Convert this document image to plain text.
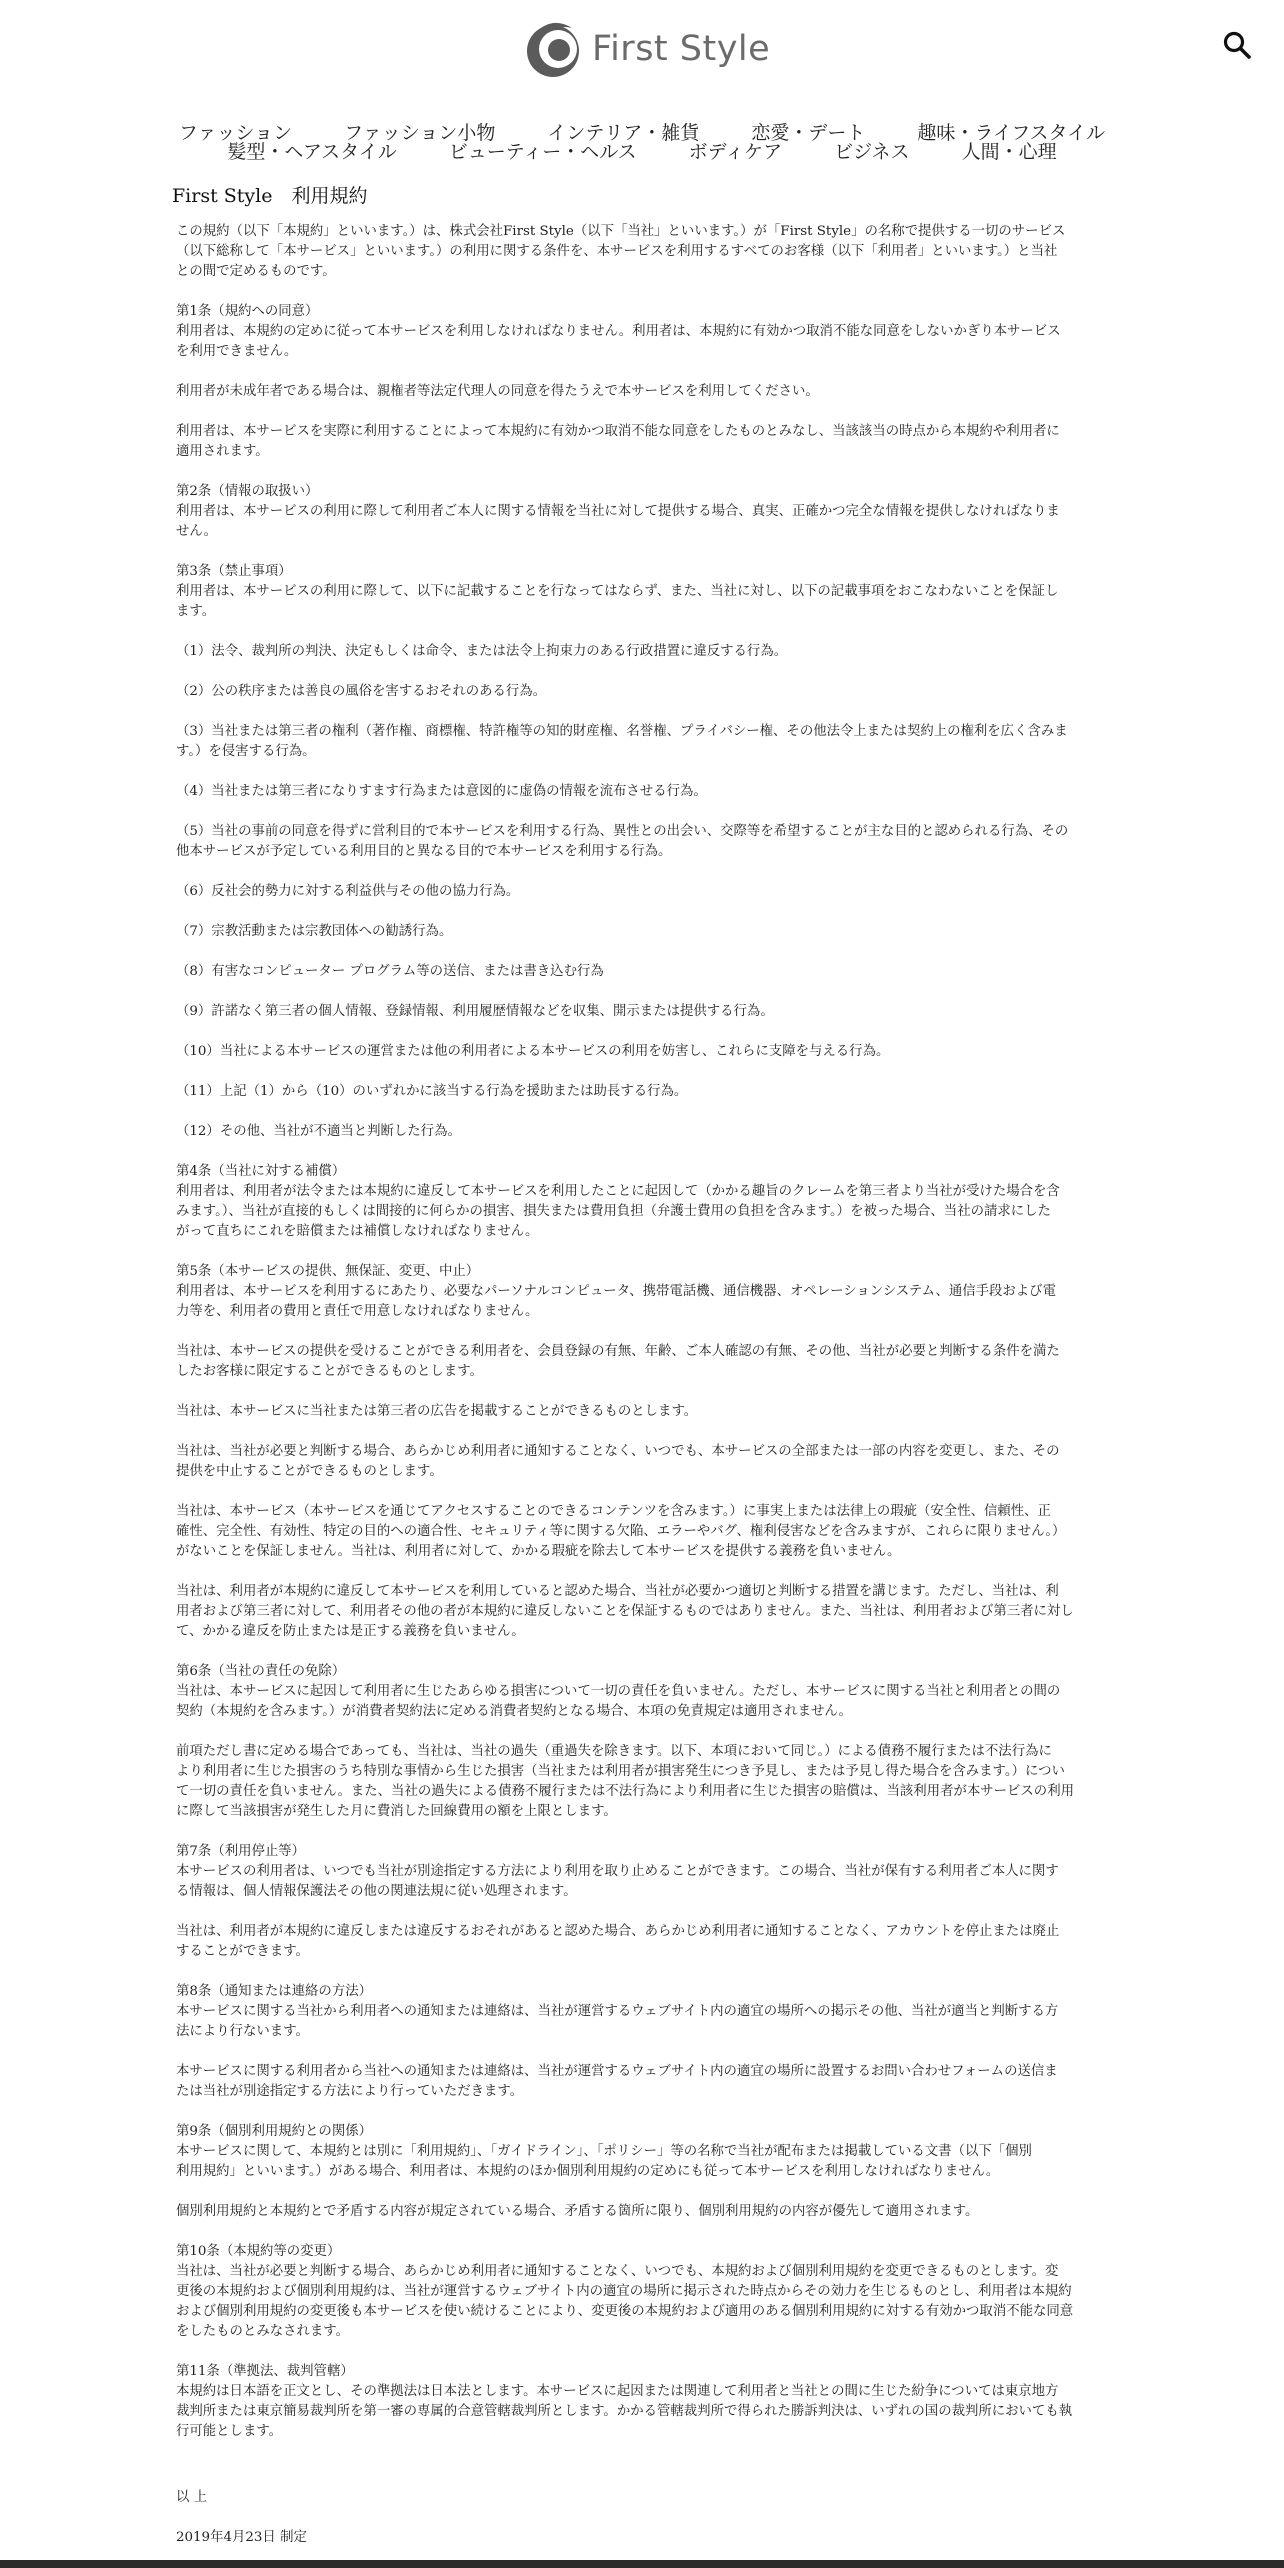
First Style
ファッション	ファッション小物	インテリア・雑貨	恋愛・デート	趣味・ライフスタイル
髪型・ヘアスタイル	ビューティー・ヘルス	ボディケア	ビジネス	人間・心理
First Style　利用規約

この規約（以下「本規約」といいます。）は、株式会社First Style（以下「当社」といいます。）が「First Style」の名称で提供する一切のサービス
（以下総称して「本サービス」といいます。）の利用に関する条件を、本サービスを利用するすべてのお客様（以下「利用者」といいます。）と当社
との間で定めるものです。

第1条（規約への同意）
利用者は、本規約の定めに従って本サービスを利用しなければなりません。利用者は、本規約に有効かつ取消不能な同意をしないかぎり本サービス
を利用できません。

利用者が未成年者である場合は、親権者等法定代理人の同意を得たうえで本サービスを利用してください。

利用者は、本サービスを実際に利用することによって本規約に有効かつ取消不能な同意をしたものとみなし、当該該当の時点から本規約や利用者に
適用されます。

第2条（情報の取扱い）
利用者は、本サービスの利用に際して利用者ご本人に関する情報を当社に対して提供する場合、真実、正確かつ完全な情報を提供しなければなりま
せん。

第3条（禁止事項）
利用者は、本サービスの利用に際して、以下に記載することを行なってはならず、また、当社に対し、以下の記載事項をおこなわないことを保証し
ます。

（1）法令、裁判所の判決、決定もしくは命令、または法令上拘束力のある行政措置に違反する行為。

（2）公の秩序または善良の風俗を害するおそれのある行為。

（3）当社または第三者の権利（著作権、商標権、特許権等の知的財産権、名誉権、プライバシー権、その他法令上または契約上の権利を広く含みま
す。）を侵害する行為。

（4）当社または第三者になりすます行為または意図的に虚偽の情報を流布させる行為。

（5）当社の事前の同意を得ずに営利目的で本サービスを利用する行為、異性との出会い、交際等を希望することが主な目的と認められる行為、その
他本サービスが予定している利用目的と異なる目的で本サービスを利用する行為。

（6）反社会的勢力に対する利益供与その他の協力行為。

（7）宗教活動または宗教団体への勧誘行為。

（8）有害なコンピューター プログラム等の送信、または書き込む行為

（9）許諾なく第三者の個人情報、登録情報、利用履歴情報などを収集、開示または提供する行為。

（10）当社による本サービスの運営または他の利用者による本サービスの利用を妨害し、これらに支障を与える行為。

（11）上記（1）から（10）のいずれかに該当する行為を援助または助長する行為。

（12）その他、当社が不適当と判断した行為。

第4条（当社に対する補償）
利用者は、利用者が法令または本規約に違反して本サービスを利用したことに起因して（かかる趣旨のクレームを第三者より当社が受けた場合を含
みます。）、当社が直接的もしくは間接的に何らかの損害、損失または費用負担（弁護士費用の負担を含みます。）を被った場合、当社の請求にした
がって直ちにこれを賠償または補償しなければなりません。

第5条（本サービスの提供、無保証、変更、中止）
利用者は、本サービスを利用するにあたり、必要なパーソナルコンピュータ、携帯電話機、通信機器、オペレーションシステム、通信手段および電
力等を、利用者の費用と責任で用意しなければなりません。

当社は、本サービスの提供を受けることができる利用者を、会員登録の有無、年齢、ご本人確認の有無、その他、当社が必要と判断する条件を満た
したお客様に限定することができるものとします。

当社は、本サービスに当社または第三者の広告を掲載することができるものとします。

当社は、当社が必要と判断する場合、あらかじめ利用者に通知することなく、いつでも、本サービスの全部または一部の内容を変更し、また、その
提供を中止することができるものとします。

当社は、本サービス（本サービスを通じてアクセスすることのできるコンテンツを含みます。）に事実上または法律上の瑕疵（安全性、信頼性、正
確性、完全性、有効性、特定の目的への適合性、セキュリティ等に関する欠陥、エラーやバグ、権利侵害などを含みますが、これらに限りません。）
がないことを保証しません。当社は、利用者に対して、かかる瑕疵を除去して本サービスを提供する義務を負いません。

当社は、利用者が本規約に違反して本サービスを利用していると認めた場合、当社が必要かつ適切と判断する措置を講じます。ただし、当社は、利
用者および第三者に対して、利用者その他の者が本規約に違反しないことを保証するものではありません。また、当社は、利用者および第三者に対し
て、かかる違反を防止または是正する義務を負いません。

第6条（当社の責任の免除）
当社は、本サービスに起因して利用者に生じたあらゆる損害について一切の責任を負いません。ただし、本サービスに関する当社と利用者との間の
契約（本規約を含みます。）が消費者契約法に定める消費者契約となる場合、本項の免責規定は適用されません。

前項ただし書に定める場合であっても、当社は、当社の過失（重過失を除きます。以下、本項において同じ。）による債務不履行または不法行為に
より利用者に生じた損害のうち特別な事情から生じた損害（当社または利用者が損害発生につき予見し、または予見し得た場合を含みます。）につい
て一切の責任を負いません。また、当社の過失による債務不履行または不法行為により利用者に生じた損害の賠償は、当該利用者が本サービスの利用
に際して当該損害が発生した月に費消した回線費用の額を上限とします。

第7条（利用停止等）
本サービスの利用者は、いつでも当社が別途指定する方法により利用を取り止めることができます。この場合、当社が保有する利用者ご本人に関す
る情報は、個人情報保護法その他の関連法規に従い処理されます。

当社は、利用者が本規約に違反しまたは違反するおそれがあると認めた場合、あらかじめ利用者に通知することなく、アカウントを停止または廃止
することができます。

第8条（通知または連絡の方法）
本サービスに関する当社から利用者への通知または連絡は、当社が運営するウェブサイト内の適宜の場所への掲示その他、当社が適当と判断する方
法により行ないます。

本サービスに関する利用者から当社への通知または連絡は、当社が運営するウェブサイト内の適宜の場所に設置するお問い合わせフォームの送信ま
たは当社が別途指定する方法により行っていただきます。

第9条（個別利用規約との関係）
本サービスに関して、本規約とは別に「利用規約」、「ガイドライン」、「ポリシー」等の名称で当社が配布または掲載している文書（以下「個別
利用規約」といいます。）がある場合、利用者は、本規約のほか個別利用規約の定めにも従って本サービスを利用しなければなりません。

個別利用規約と本規約とで矛盾する内容が規定されている場合、矛盾する箇所に限り、個別利用規約の内容が優先して適用されます。

第10条（本規約等の変更）
当社は、当社が必要と判断する場合、あらかじめ利用者に通知することなく、いつでも、本規約および個別利用規約を変更できるものとします。変
更後の本規約および個別利用規約は、当社が運営するウェブサイト内の適宜の場所に掲示された時点からその効力を生じるものとし、利用者は本規約
および個別利用規約の変更後も本サービスを使い続けることにより、変更後の本規約および適用のある個別利用規約に対する有効かつ取消不能な同意
をしたものとみなされます。

第11条（準拠法、裁判管轄）
本規約は日本語を正文とし、その準拠法は日本法とします。本サービスに起因または関連して利用者と当社との間に生じた紛争については東京地方
裁判所または東京簡易裁判所を第一審の専属的合意管轄裁判所とします。かかる管轄裁判所で得られた勝訴判決は、いずれの国の裁判所においても執
行可能とします。

以 上

2019年4月23日 制定
